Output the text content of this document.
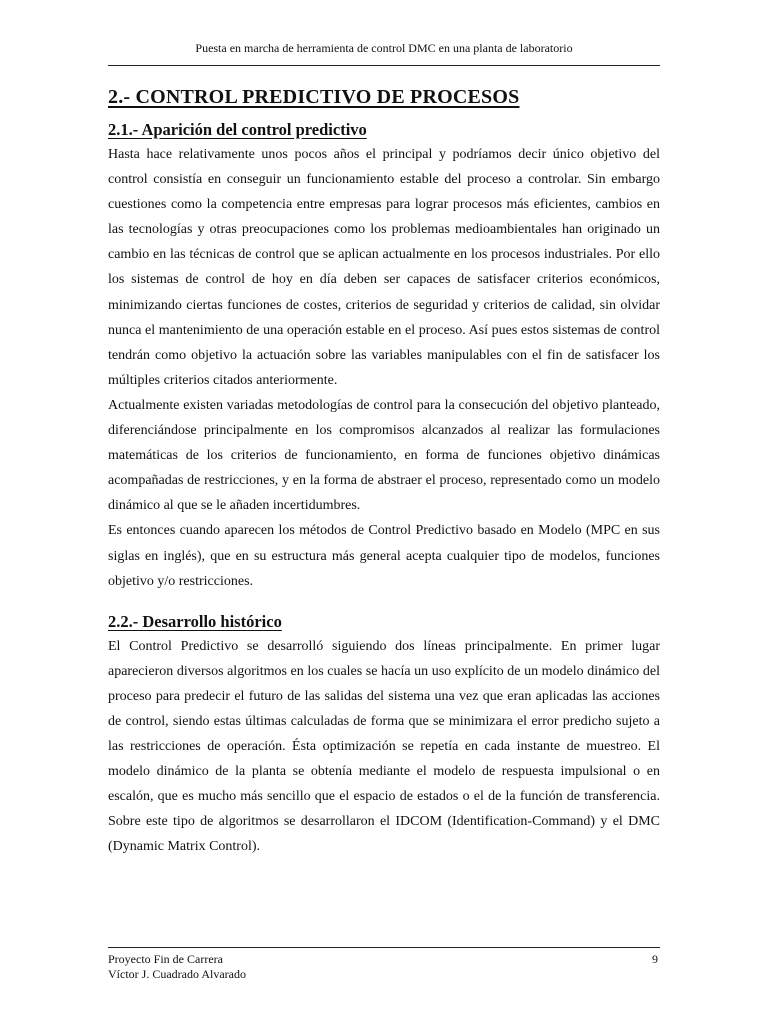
Puesta en marcha de herramienta de control DMC en una planta de laboratorio
2.- CONTROL PREDICTIVO DE PROCESOS
2.1.- Aparición del control predictivo

Hasta hace relativamente unos pocos años el principal y podríamos decir único objetivo del control consistía en conseguir un funcionamiento estable del proceso a controlar. Sin embargo cuestiones como la competencia entre empresas para lograr procesos más eficientes, cambios en las tecnologías y otras preocupaciones como los problemas medioambientales han originado un cambio en las técnicas de control que se aplican actualmente en los procesos industriales. Por ello los sistemas de control de hoy en día deben ser capaces de satisfacer criterios económicos, minimizando ciertas funciones de costes, criterios de seguridad y criterios de calidad, sin olvidar nunca el mantenimiento de una operación estable en el proceso. Así pues estos sistemas de control tendrán como objetivo la actuación sobre las variables manipulables con el fin de satisfacer los múltiples criterios citados anteriormente.

Actualmente existen variadas metodologías de control para la consecución del objetivo planteado, diferenciándose principalmente en los compromisos alcanzados al realizar las formulaciones matemáticas de los criterios de funcionamiento, en forma de funciones objetivo dinámicas acompañadas de restricciones, y en la forma de abstraer el proceso, representado como un modelo dinámico al que se le añaden incertidumbres.

Es entonces cuando aparecen los métodos de Control Predictivo basado en Modelo (MPC en sus siglas en inglés), que en su estructura más general acepta cualquier tipo de modelos, funciones objetivo y/o restricciones.

2.2.- Desarrollo histórico

El Control Predictivo se desarrolló siguiendo dos líneas principalmente. En primer lugar aparecieron diversos algoritmos en los cuales se hacía un uso explícito de un modelo dinámico del proceso para predecir el futuro de las salidas del sistema una vez que eran aplicadas las acciones de control, siendo estas últimas calculadas de forma que se minimizara el error predicho sujeto a las restricciones de operación. Ésta optimización se repetía en cada instante de muestreo. El modelo dinámico de la planta se obtenía mediante el modelo de respuesta impulsional o en escalón, que es mucho más sencillo que el espacio de estados o el de la función de transferencia. Sobre este tipo de algoritmos se desarrollaron el IDCOM (Identification-Command) y el DMC (Dynamic Matrix Control).

Proyecto Fin de Carrera
Víctor J. Cuadrado Alvarado
9
